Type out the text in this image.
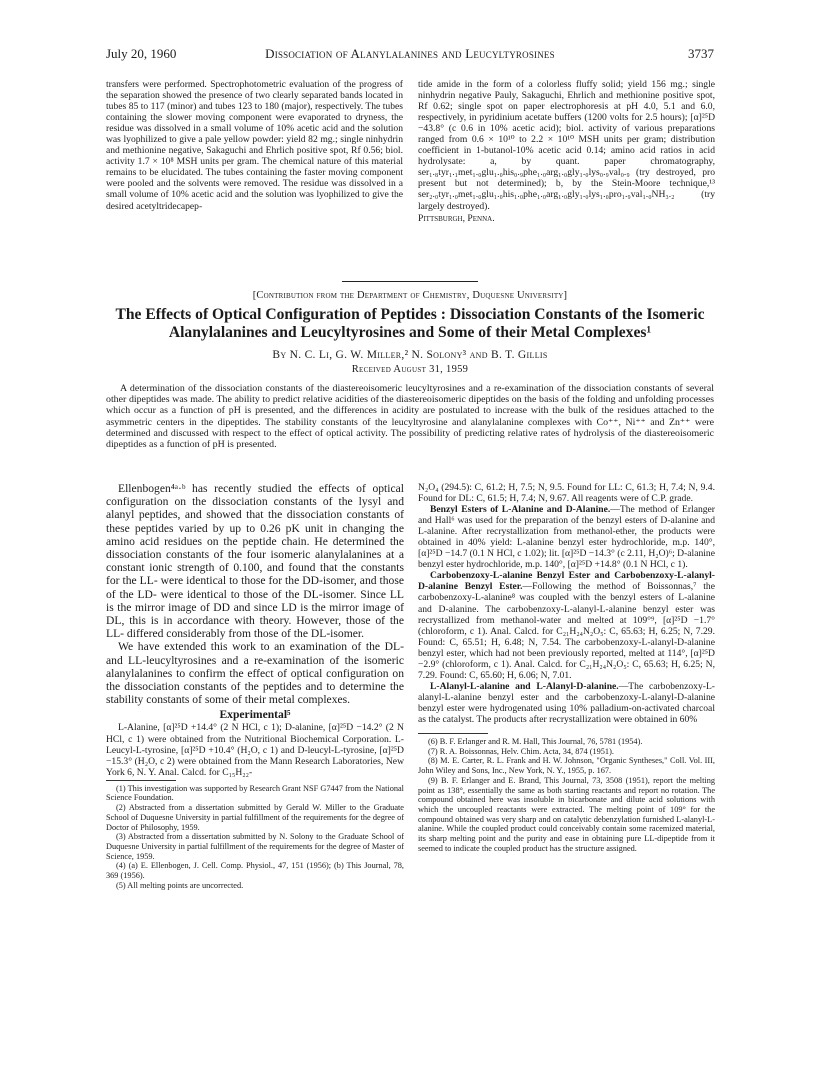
July 20, 1960	Dissociation of Alanylalanines and Leucyltyrosines	3737

transfers were performed. Spectrophotometric evaluation of the progress of the separation showed the presence of two clearly separated bands located in tubes 85 to 117 (minor) and tubes 123 to 180 (major), respectively. The tubes containing the slower moving component were evaporated to dryness, the residue was dissolved in a small volume of 10% acetic acid and the solution was lyophilized to give a pale yellow powder: yield 82 mg.; single ninhydrin and methionine negative, Sakaguchi and Ehrlich positive spot, Rf 0.56; biol. activity 1.7 × 10⁸ MSH units per gram. The chemical nature of this material remains to be elucidated. The tubes containing the faster moving component were pooled and the solvents were removed. The residue was dissolved in a small volume of 10% acetic acid and the solution was lyophilized to give the desired acetyltridecapep-

tide amide in the form of a colorless fluffy solid; yield 156 mg.; single ninhydrin negative Pauly, Sakaguchi, Ehrlich and methionine positive spot, Rf 0.62; single spot on paper electrophoresis at pH 4.0, 5.1 and 6.0, respectively, in pyridinium acetate buffers (1200 volts for 2.5 hours); [α]²⁵D −43.8° (c 0.6 in 10% acetic acid); biol. activity of various preparations ranged from 0.6 × 10¹⁰ to 2.2 × 10¹⁰ MSH units per gram; distribution coefficient in 1-butanol-10% acetic acid 0.14; amino acid ratios in acid hydrolysate: a, by quant. paper chromatography, ser₁.₈tyr₁.₁met₁.₀glu₁.₀his₀.₉phe₁.₀arg₁.₀gly₁.₀lys₀.₉val₀.₉ (try destroyed, pro present but not determined); b, by the Stein-Moore technique,¹³ ser₂.₀tyr₁.₀met₁.₀glu₁.₀his₁.₀phe₁.₀arg₁.₀gly₁.₀lys₁.₀pro₁.₉val₁.₀NH₃.₂ (try largely destroyed).

Pittsburgh, Penna.

[Contribution from the Department of Chemistry, Duquesne University]
The Effects of Optical Configuration of Peptides : Dissociation Constants of the Isomeric Alanylalanines and Leucyltyrosines and Some of their Metal Complexes¹
By N. C. Li, G. W. Miller,² N. Solony³ and B. T. Gillis
Received August 31, 1959

A determination of the dissociation constants of the diastereoisomeric leucyltyrosines and a re-examination of the dissociation constants of several other dipeptides was made. The ability to predict relative acidities of the diastereoisomeric dipeptides on the basis of the folding and unfolding processes which occur as a function of pH is presented, and the differences in acidity are postulated to increase with the bulk of the residues attached to the asymmetric centers in the dipeptides. The stability constants of the leucyltyrosine and alanylalanine complexes with Co⁺⁺, Ni⁺⁺ and Zn⁺⁺ were determined and discussed with respect to the effect of optical activity. The possibility of predicting relative rates of hydrolysis of the diastereoisomeric dipeptides as a function of pH is presented.

Ellenbogen⁴ᵃ·ᵇ has recently studied the effects of optical configuration on the dissociation constants of the lysyl and alanyl peptides, and showed that the dissociation constants of these peptides varied by up to 0.26 pK unit in changing the amino acid residues on the peptide chain. He determined the dissociation constants of the four isomeric alanylalanines at a constant ionic strength of 0.100, and found that the constants for the LL- were identical to those for the DD-isomer, and those of the LD- were identical to those of the DL-isomer. Since LL is the mirror image of DD and since LD is the mirror image of DL, this is in accordance with theory. However, those of the LL- differed considerably from those of the DL-isomer.

We have extended this work to an examination of the DL- and LL-leucyltyrosines and a re-examination of the isomeric alanylalanines to confirm the effect of optical configuration on the dissociation constants of the peptides and to determine the stability constants of some of their metal complexes.

Experimental⁵

L-Alanine, [α]²⁵D +14.4° (2 N HCl, c 1); D-alanine, [α]²⁵D −14.2° (2 N HCl, c 1) were obtained from the Nutritional Biochemical Corporation. L-Leucyl-L-tyrosine, [α]²⁵D +10.4° (H₂O, c 1) and D-leucyl-L-tyrosine, [α]²⁵D −15.3° (H₂O, c 2) were obtained from the Mann Research Laboratories, New York 6, N. Y. Anal. Calcd. for C₁₅H₂₂-

(1) This investigation was supported by Research Grant NSF G7447 from the National Science Foundation.

(2) Abstracted from a dissertation submitted by Gerald W. Miller to the Graduate School of Duquesne University in partial fulfillment of the requirements for the degree of Doctor of Philosophy, 1959.

(3) Abstracted from a dissertation submitted by N. Solony to the Graduate School of Duquesne University in partial fulfillment of the requirements for the degree of Master of Science, 1959.

(4) (a) E. Ellenbogen, J. Cell. Comp. Physiol., 47, 151 (1956); (b) This Journal, 78, 369 (1956).

(5) All melting points are uncorrected.

N₂O₄ (294.5): C, 61.2; H, 7.5; N, 9.5. Found for LL: C, 61.3; H, 7.4; N, 9.4. Found for DL: C, 61.5; H, 7.4; N, 9.67. All reagents were of C.P. grade.

Benzyl Esters of L-Alanine and D-Alanine.—The method of Erlanger and Hall⁶ was used for the preparation of the benzyl esters of D-alanine and L-alanine. After recrystallization from methanol-ether, the products were obtained in 40% yield: L-alanine benzyl ester hydrochloride, m.p. 140°, [α]²⁵D −14.7 (0.1 N HCl, c 1.02); lit. [α]²⁵D −14.3° (c 2.11, H₂O)⁶; D-alanine benzyl ester hydrochloride, m.p. 140°, [α]²⁵D +14.8° (0.1 N HCl, c 1).

Carbobenzoxy-L-alanine Benzyl Ester and Carbobenzoxy-L-alanyl-D-alanine Benzyl Ester.—Following the method of Boissonnas,⁷ the carbobenzoxy-L-alanine⁸ was coupled with the benzyl esters of L-alanine and D-alanine. The carbobenzoxy-L-alanyl-L-alanine benzyl ester was recrystallized from methanol-water and melted at 109°⁹, [α]²⁵D −1.7° (chloroform, c 1). Anal. Calcd. for C₂₁H₂₄N₂O₅: C, 65.63; H, 6.25; N, 7.29. Found: C, 65.51; H, 6.48; N, 7.54. The carbobenzoxy-L-alanyl-D-alanine benzyl ester, which had not been previously reported, melted at 114°, [α]²⁵D −2.9° (chloroform, c 1). Anal. Calcd. for C₂₁H₂₄N₂O₅: C, 65.63; H, 6.25; N, 7.29. Found: C, 65.60; H, 6.06; N, 7.01.

L-Alanyl-L-alanine and L-Alanyl-D-alanine.—The carbobenzoxy-L-alanyl-L-alanine benzyl ester and the carbobenzoxy-L-alanyl-D-alanine benzyl ester were hydrogenated using 10% palladium-on-activated charcoal as the catalyst. The products after recrystallization were obtained in 60%

(6) B. F. Erlanger and R. M. Hall, This Journal, 76, 5781 (1954).

(7) R. A. Boissonnas, Helv. Chim. Acta, 34, 874 (1951).

(8) M. E. Carter, R. L. Frank and H. W. Johnson, "Organic Syntheses," Coll. Vol. III, John Wiley and Sons, Inc., New York, N. Y., 1955, p. 167.

(9) B. F. Erlanger and E. Brand, This Journal, 73, 3508 (1951), report the melting point as 138°, essentially the same as both starting reactants and report no rotation. The compound obtained here was insoluble in bicarbonate and dilute acid solutions with which the uncoupled reactants were extracted. The melting point of 109° for the compound obtained was very sharp and on catalytic debenzylation furnished L-alanyl-L-alanine. While the coupled product could conceivably contain some racemized material, its sharp melting point and the purity and ease in obtaining pure LL-dipeptide from it seemed to indicate the coupled product has the structure assigned.
